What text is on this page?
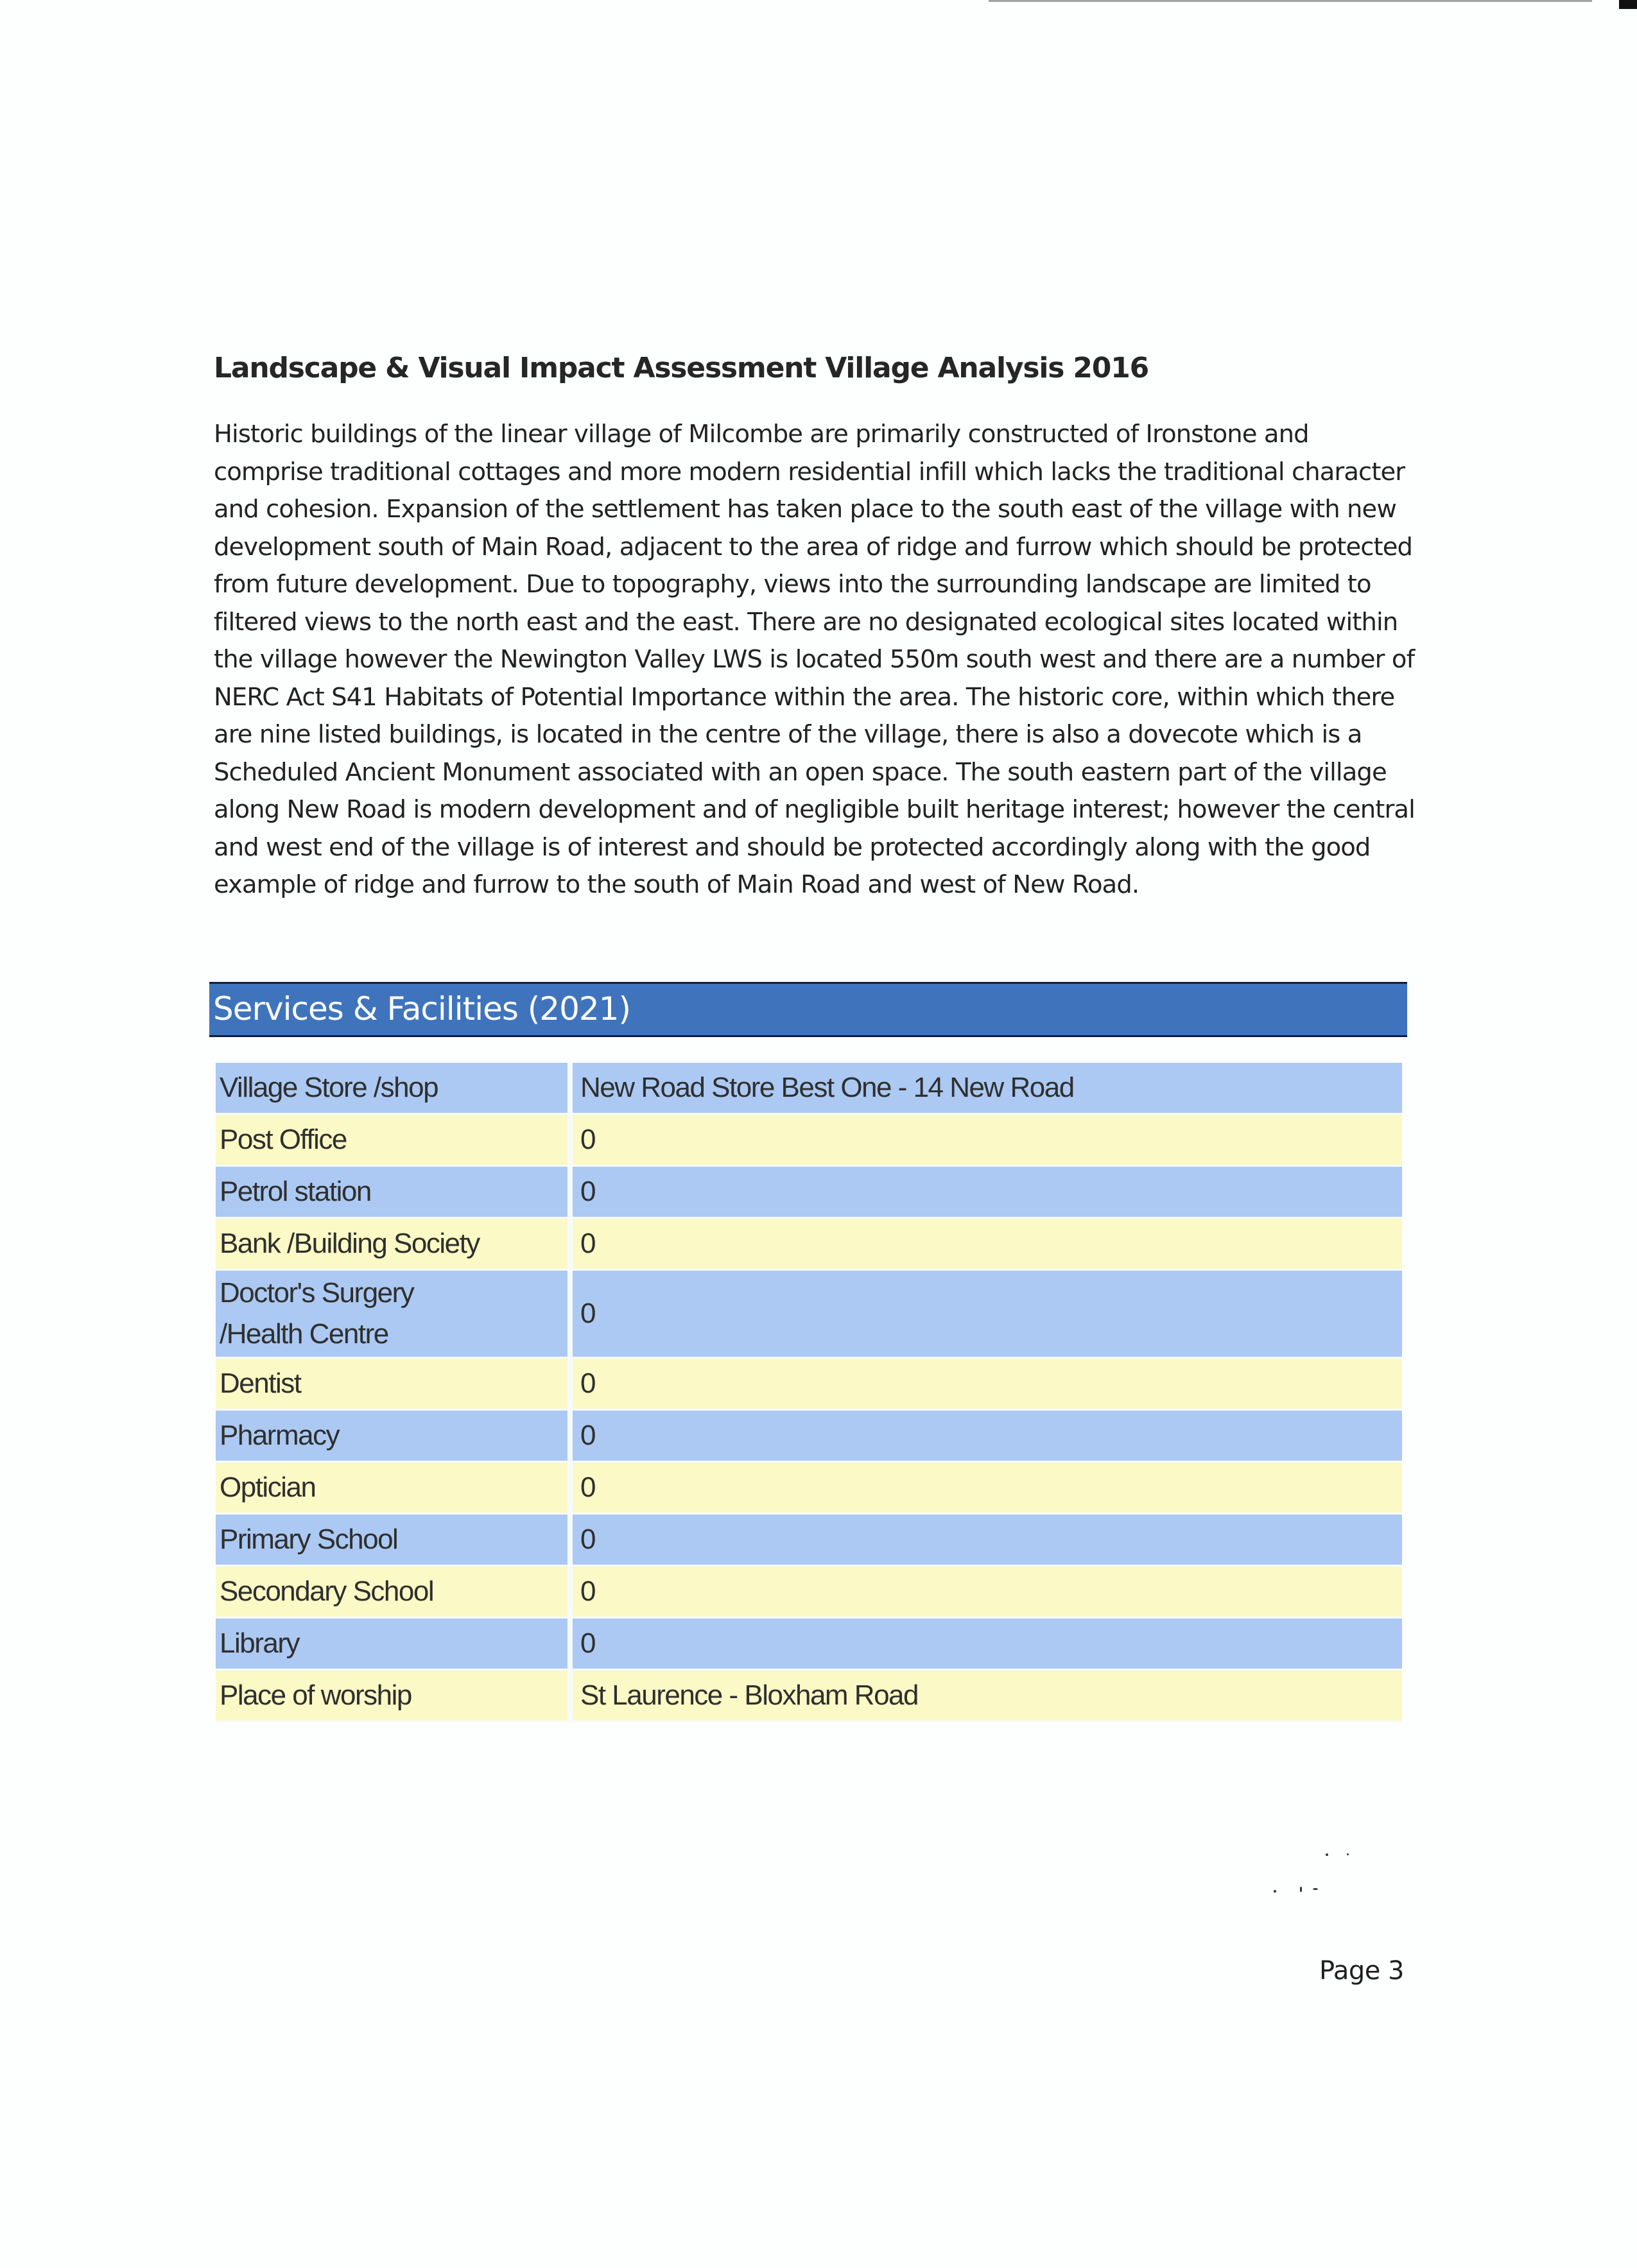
Landscape & Visual Impact Assessment Village Analysis 2016

Historic buildings of the linear village of Milcombe are primarily constructed of Ironstone and comprise traditional cottages and more modern residential infill which lacks the traditional character and cohesion. Expansion of the settlement has taken place to the south east of the village with new development south of Main Road, adjacent to the area of ridge and furrow which should be protected from future development. Due to topography, views into the surrounding landscape are limited to filtered views to the north east and the east. There are no designated ecological sites located within the village however the Newington Valley LWS is located 550m south west and there are a number of NERC Act S41 Habitats of Potential Importance within the area. The historic core, within which there are nine listed buildings, is located in the centre of the village, there is also a dovecote which is a Scheduled Ancient Monument associated with an open space. The south eastern part of the village along New Road is modern development and of negligible built heritage interest; however the central and west end of the village is of interest and should be protected accordingly along with the good example of ridge and furrow to the south of Main Road and west of New Road.

Services & Facilities (2021)
Village Store /shop	New Road Store Best One - 14 New Road
Post Office	0
Petrol station	0
Bank /Building Society	0

Doctor's Surgery
/Health Centre	0
Dentist	0
Pharmacy	0
Optician	0
Primary School	0
Secondary School	0
Library	0
Place of worship	St Laurence - Bloxham Road
Page 3
